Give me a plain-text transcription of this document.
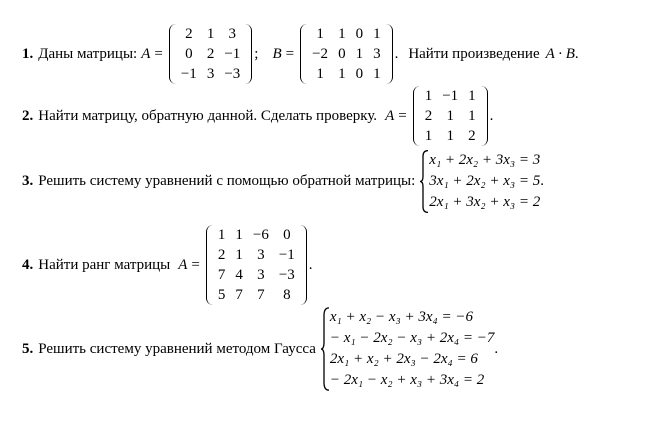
1. Даны матрицы: A =
2	1	3
0	2	−1
−1	3	−3
; B =
1	1	0	1
−2	0	1	3
1	1	0	1
. Найти произведение A · B .
2. Найти матрицу, обратную данной. Сделать проверку. A =
1	−1	1
2	1	1
1	1	2
.
3. Решить систему уравнений с помощью обратной матрицы:
x₁ + 2x₂ + 3x₃ = 3
3x₁ + 2x₂ + x₃ = 5
2x₁ + 3x₂ + x₃ = 2
.
4. Найти ранг матрицы A =
1	1	−6	0
2	1	3	−1
7	4	3	−3
5	7	7	8
.
5. Решить систему уравнений методом Гаусса
x₁ + x₂ − x₃ + 3x₄ = −6
− x₁ − 2x₂ − x₃ + 2x₄ = −7
2x₁ + x₂ + 2x₃ − 2x₄ = 6
− 2x₁ − x₂ + x₃ + 3x₄ = 2
.
